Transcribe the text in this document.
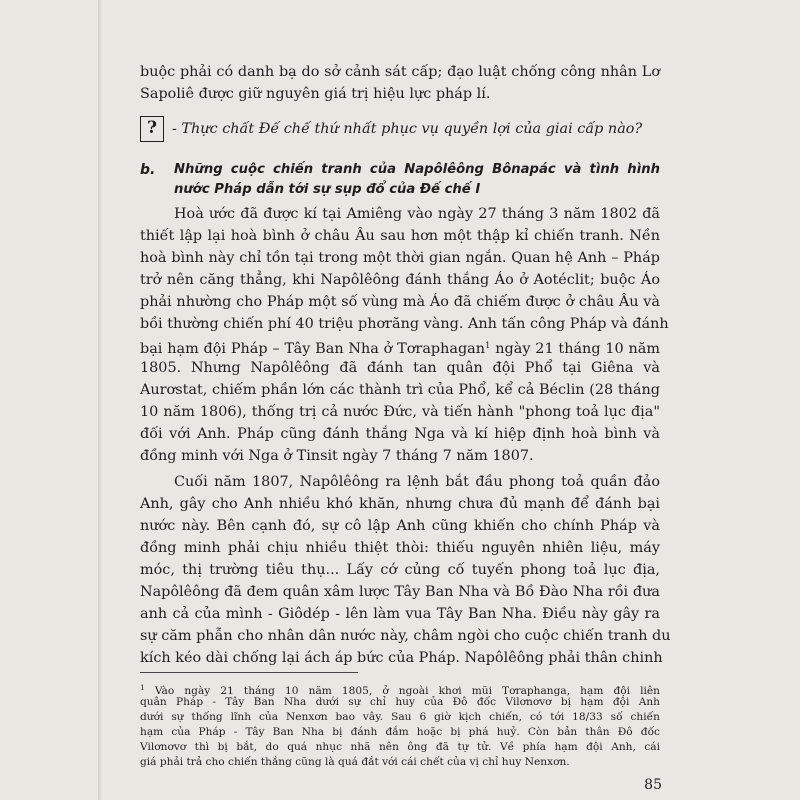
buộc phải có danh bạ do sở cảnh sát cấp; đạo luật chống công nhân Lơ
Sapoliê được giữ nguyên giá trị hiệu lực pháp lí.
?	- Thực chất Đế chế thứ nhất phục vụ quyền lợi của giai cấp nào?
b. Những cuộc chiến tranh của Napôlêông Bônapác và tình hình
nước Pháp dẫn tới sự sụp đổ của Đế chế I
Hoà ước đã được kí tại Amiêng vào ngày 27 tháng 3 năm 1802 đã
thiết lập lại hoà bình ở châu Âu sau hơn một thập kỉ chiến tranh. Nền
hoà bình này chỉ tồn tại trong một thời gian ngắn. Quan hệ Anh – Pháp
trở nên căng thẳng, khi Napôlêông đánh thắng Áo ở Aotéclit; buộc Áo
phải nhường cho Pháp một số vùng mà Áo đã chiếm được ở châu Âu và
bồi thường chiến phí 40 triệu phơrăng vàng. Anh tấn công Pháp và đánh
bại hạm đội Pháp – Tây Ban Nha ở Tơraphagan$^1$ ngày 21 tháng 10 năm
1805. Nhưng Napôlêông đã đánh tan quân đội Phổ tại Giêna và
Aurơstat, chiếm phần lớn các thành trì của Phổ, kể cả Béclin (28 tháng
10 năm 1806), thống trị cả nước Đức, và tiến hành "phong toả lục địa"
đối với Anh. Pháp cũng đánh thắng Nga và kí hiệp định hoà bình và
đồng minh với Nga ở Tinsit ngày 7 tháng 7 năm 1807.
Cuối năm 1807, Napôlêông ra lệnh bắt đầu phong toả quần đảo
Anh, gây cho Anh nhiều khó khăn, nhưng chưa đủ mạnh để đánh bại
nước này. Bên cạnh đó, sự cô lập Anh cũng khiến cho chính Pháp và
đồng minh phải chịu nhiều thiệt thòi: thiếu nguyên nhiên liệu, máy
móc, thị trường tiêu thụ... Lấy cớ củng cố tuyến phong toả lục địa,
Napôlêông đã đem quân xâm lược Tây Ban Nha và Bồ Đào Nha rồi đưa
anh cả của mình - Giôdép - lên làm vua Tây Ban Nha. Điều này gây ra
sự căm phẫn cho nhân dân nước này, châm ngòi cho cuộc chiến tranh du
kích kéo dài chống lại ách áp bức của Pháp. Napôlêông phải thân chinh
$^1$ Vào ngày 21 tháng 10 năm 1805, ở ngoài khơi mũi Tơraphanga, hạm đội liên
quân Pháp - Tây Ban Nha dưới sự chỉ huy của Đô đốc Vilơnơvơ bị hạm đội Anh
dưới sự thống lĩnh của Nenxơn bao vây. Sau 6 giờ kịch chiến, có tới 18/33 số chiến
hạm của Pháp - Tây Ban Nha bị đánh đắm hoặc bị phá huỷ. Còn bản thân Đô đốc
Vilơnơvơ thì bị bắt, do quá nhục nhã nên ông đã tự tử. Về phía hạm đội Anh, cái
giá phải trả cho chiến thắng cũng là quá đắt với cái chết của vị chỉ huy Nenxơn.
85
